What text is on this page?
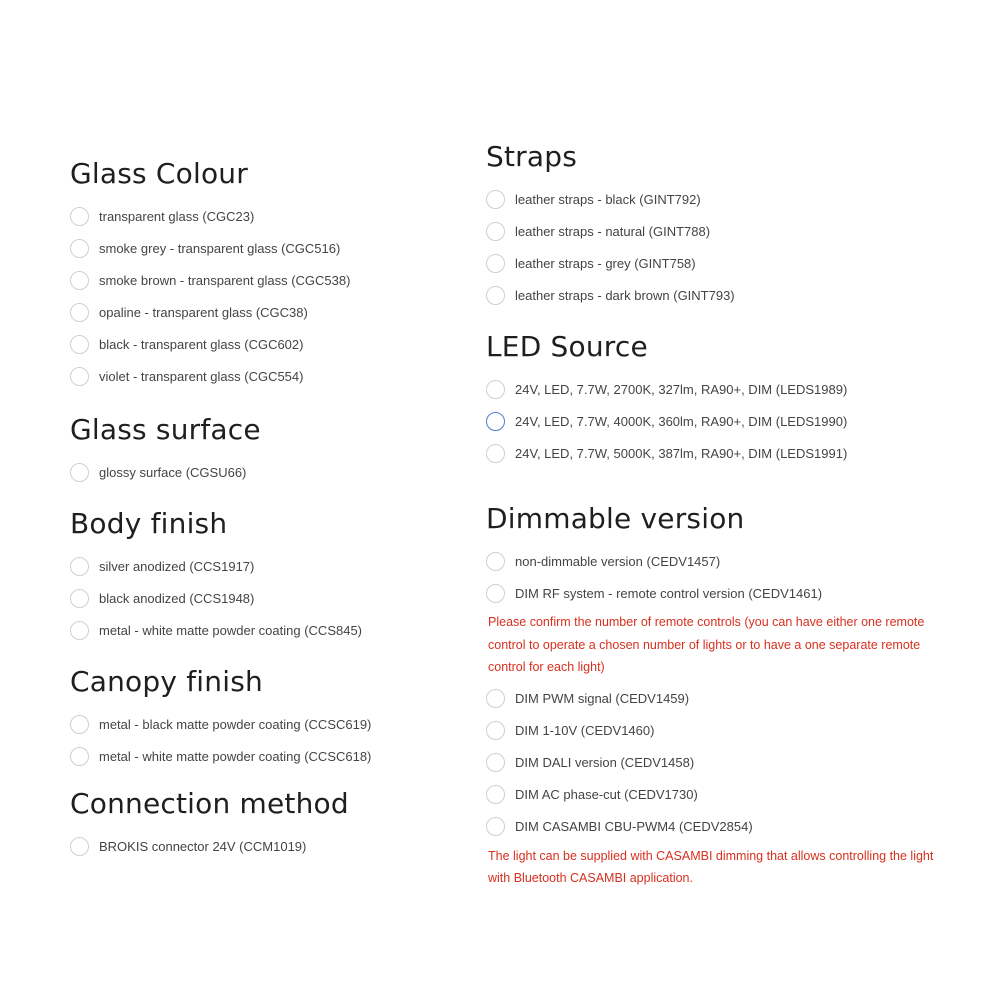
Glass Colour
transparent glass (CGC23)
smoke grey - transparent glass (CGC516)
smoke brown - transparent glass (CGC538)
opaline - transparent glass (CGC38)
black - transparent glass (CGC602)
violet - transparent glass (CGC554)
Glass surface
glossy surface (CGSU66)
Body finish
silver anodized (CCS1917)
black anodized (CCS1948)
metal - white matte powder coating (CCS845)
Canopy finish
metal - black matte powder coating (CCSC619)
metal - white matte powder coating (CCSC618)
Connection method
BROKIS connector 24V (CCM1019)
Straps
leather straps - black (GINT792)
leather straps - natural (GINT788)
leather straps - grey (GINT758)
leather straps - dark brown (GINT793)
LED Source
24V, LED, 7.7W, 2700K, 327lm, RA90+, DIM (LEDS1989)
24V, LED, 7.7W, 4000K, 360lm, RA90+, DIM (LEDS1990)
24V, LED, 7.7W, 5000K, 387lm, RA90+, DIM (LEDS1991)
Dimmable version
non-dimmable version (CEDV1457)
DIM RF system - remote control version (CEDV1461)
Please confirm the number of remote controls (you can have either one remote control to operate a chosen number of lights or to have a one separate remote control for each light)
DIM PWM signal (CEDV1459)
DIM 1-10V (CEDV1460)
DIM DALI version (CEDV1458)
DIM AC phase-cut (CEDV1730)
DIM CASAMBI CBU-PWM4 (CEDV2854)
The light can be supplied with CASAMBI dimming that allows controlling the light with Bluetooth CASAMBI application.
